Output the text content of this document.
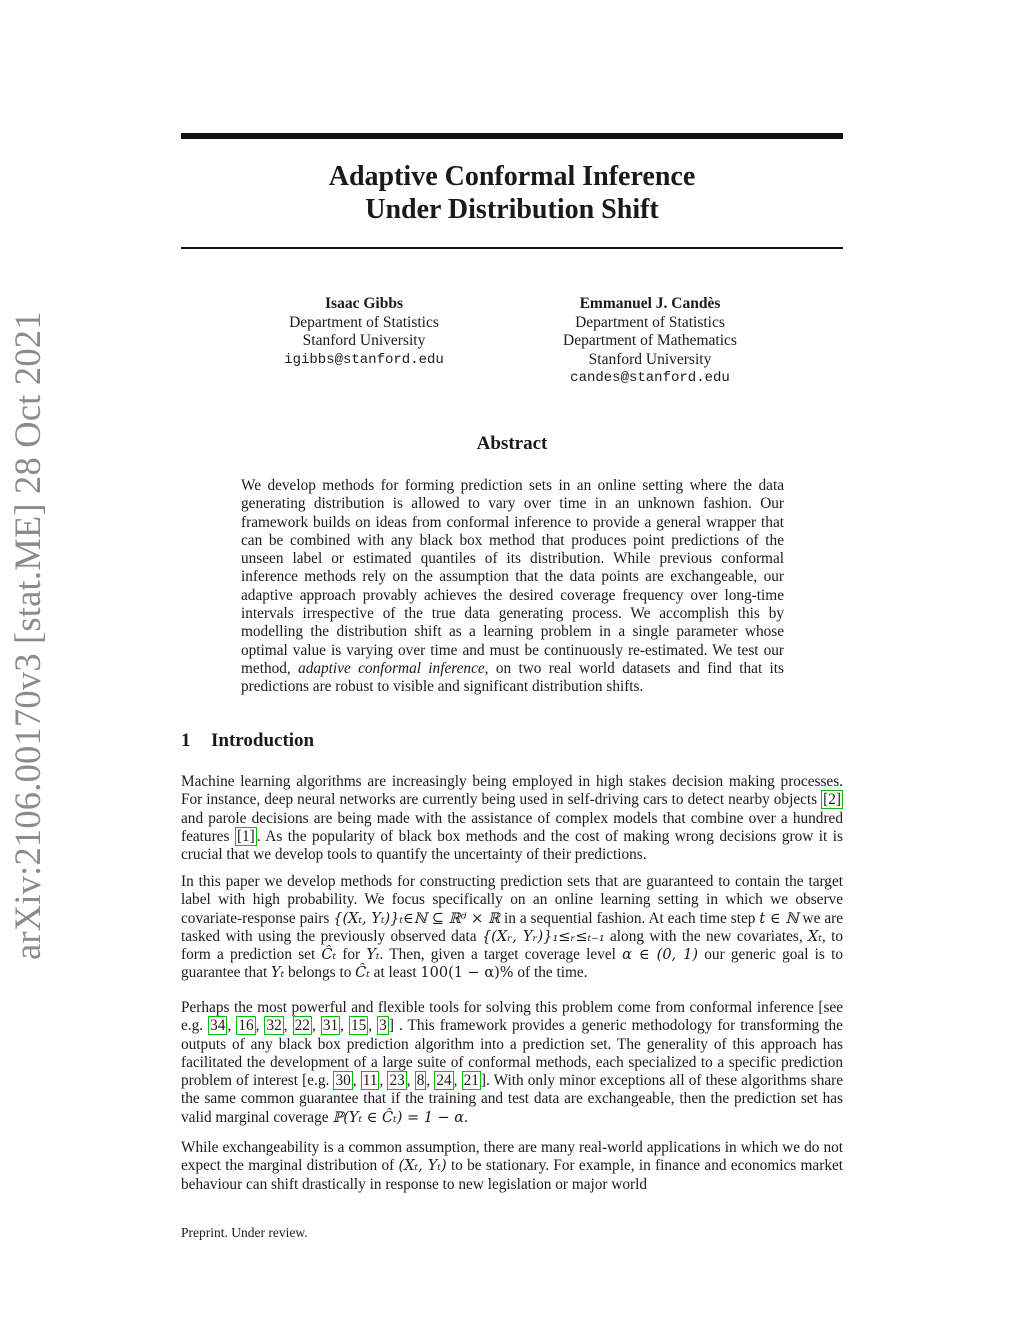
arXiv:2106.00170v3 [stat.ME] 28 Oct 2021
Adaptive Conformal Inference
Under Distribution Shift
Isaac Gibbs
Department of Statistics
Stanford University
igibbs@stanford.edu
Emmanuel J. Candès
Department of Statistics
Department of Mathematics
Stanford University
candes@stanford.edu
Abstract
We develop methods for forming prediction sets in an online setting where the data generating distribution is allowed to vary over time in an unknown fashion. Our framework builds on ideas from conformal inference to provide a general wrapper that can be combined with any black box method that produces point predictions of the unseen label or estimated quantiles of its distribution. While previous conformal inference methods rely on the assumption that the data points are exchangeable, our adaptive approach provably achieves the desired coverage frequency over long-time intervals irrespective of the true data generating process. We accomplish this by modelling the distribution shift as a learning problem in a single parameter whose optimal value is varying over time and must be continuously re-estimated. We test our method, adaptive conformal inference, on two real world datasets and find that its predictions are robust to visible and significant distribution shifts.
1 Introduction
Machine learning algorithms are increasingly being employed in high stakes decision making processes. For instance, deep neural networks are currently being used in self-driving cars to detect nearby objects [2] and parole decisions are being made with the assistance of complex models that combine over a hundred features [1] . As the popularity of black box methods and the cost of making wrong decisions grow it is crucial that we develop tools to quantify the uncertainty of their predictions.
In this paper we develop methods for constructing prediction sets that are guaranteed to contain the target label with high probability. We focus specifically on an online learning setting in which we observe covariate-response pairs {(Xₜ, Yₜ)}ₜ∈ℕ ⊆ ℝᵈ × ℝ in a sequential fashion. At each time step t ∈ ℕ we are tasked with using the previously observed data {(Xᵣ, Yᵣ)}₁≤ᵣ≤ₜ₋₁ along with the new covariates, Xₜ, to form a prediction set Ĉₜ for Yₜ. Then, given a target coverage level α ∈ (0, 1) our generic goal is to guarantee that Yₜ belongs to Ĉₜ at least 100(1 − α)% of the time.
Perhaps the most powerful and flexible tools for solving this problem come from conformal inference [see e.g. 34 , 16 , 32 , 22 , 31 , 15 , 3 ] . This framework provides a generic methodology for transforming the outputs of any black box prediction algorithm into a prediction set. The generality of this approach has facilitated the development of a large suite of conformal methods, each specialized to a specific prediction problem of interest [e.g. 30 , 11 , 23 , 8 , 24 , 21 ]. With only minor exceptions all of these algorithms share the same common guarantee that if the training and test data are exchangeable, then the prediction set has valid marginal coverage ℙ(Yₜ ∈ Ĉₜ) = 1 − α.
While exchangeability is a common assumption, there are many real-world applications in which we do not expect the marginal distribution of (Xₜ, Yₜ) to be stationary. For example, in finance and economics market behaviour can shift drastically in response to new legislation or major world
Preprint. Under review.
